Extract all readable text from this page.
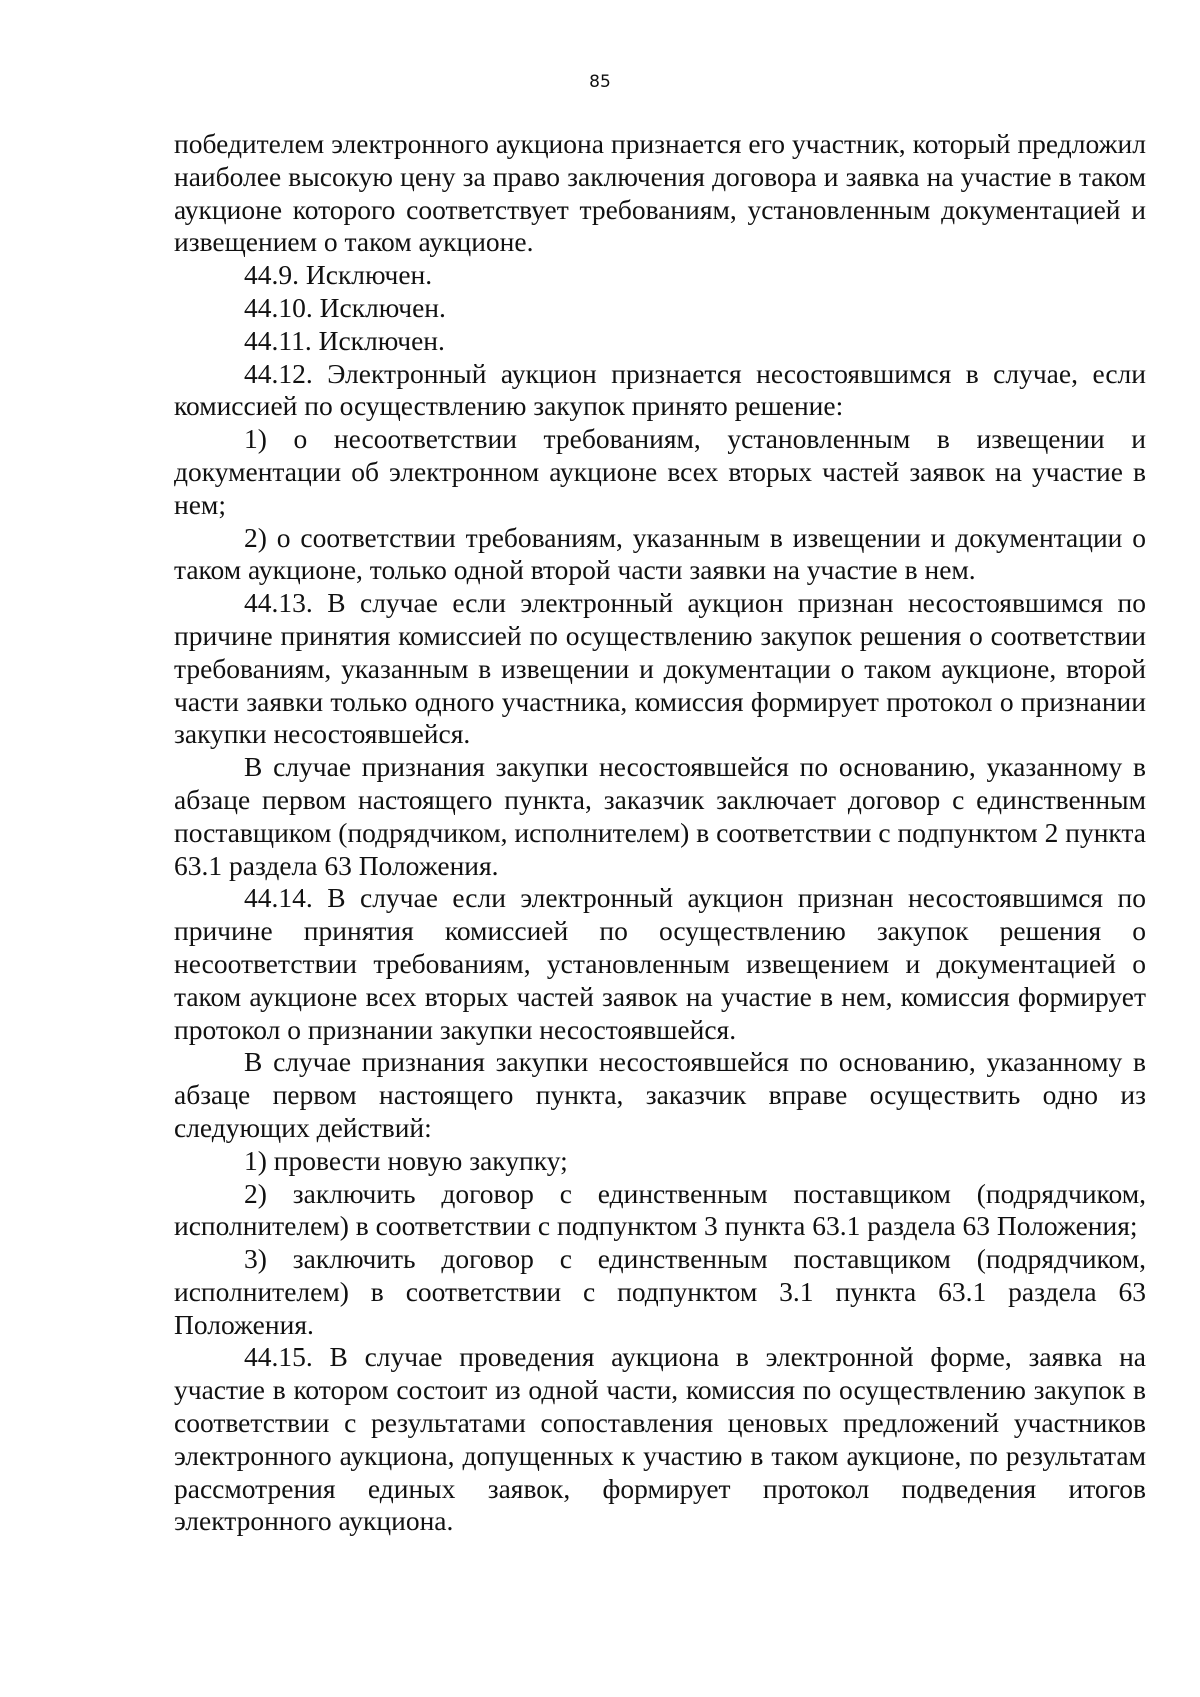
85

победителем электронного аукциона признается его участник, который предложил наиболее высокую цену за право заключения договора и заявка на участие в таком аукционе которого соответствует требованиям, установленным документацией и извещением о таком аукционе.

44.9. Исключен.

44.10. Исключен.

44.11. Исключен.

44.12. Электронный аукцион признается несостоявшимся в случае, если комиссией по осуществлению закупок принято решение:

1) о несоответствии требованиям, установленным в извещении и документации об электронном аукционе всех вторых частей заявок на участие в нем;

2) о соответствии требованиям, указанным в извещении и документации о таком аукционе, только одной второй части заявки на участие в нем.

44.13. В случае если электронный аукцион признан несостоявшимся по причине принятия комиссией по осуществлению закупок решения о соответствии требованиям, указанным в извещении и документации о таком аукционе, второй части заявки только одного участника, комиссия формирует протокол о признании закупки несостоявшейся.

В случае признания закупки несостоявшейся по основанию, указанному в абзаце первом настоящего пункта, заказчик заключает договор с единственным поставщиком (подрядчиком, исполнителем) в соответствии с подпунктом 2 пункта 63.1 раздела 63 Положения.

44.14. В случае если электронный аукцион признан несостоявшимся по причине принятия комиссией по осуществлению закупок решения о несоответствии требованиям, установленным извещением и документацией о таком аукционе всех вторых частей заявок на участие в нем, комиссия формирует протокол о признании закупки несостоявшейся.

В случае признания закупки несостоявшейся по основанию, указанному в абзаце первом настоящего пункта, заказчик вправе осуществить одно из следующих действий:

1) провести новую закупку;

2) заключить договор с единственным поставщиком (подрядчиком, исполнителем) в соответствии с подпунктом 3 пункта 63.1 раздела 63 Положения;

3) заключить договор с единственным поставщиком (подрядчиком, исполнителем) в соответствии с подпунктом 3.1 пункта 63.1 раздела 63 Положения.

44.15. В случае проведения аукциона в электронной форме, заявка на участие в котором состоит из одной части, комиссия по осуществлению закупок в соответствии с результатами сопоставления ценовых предложений участников электронного аукциона, допущенных к участию в таком аукционе, по результатам рассмотрения единых заявок, формирует протокол подведения итогов электронного аукциона.
